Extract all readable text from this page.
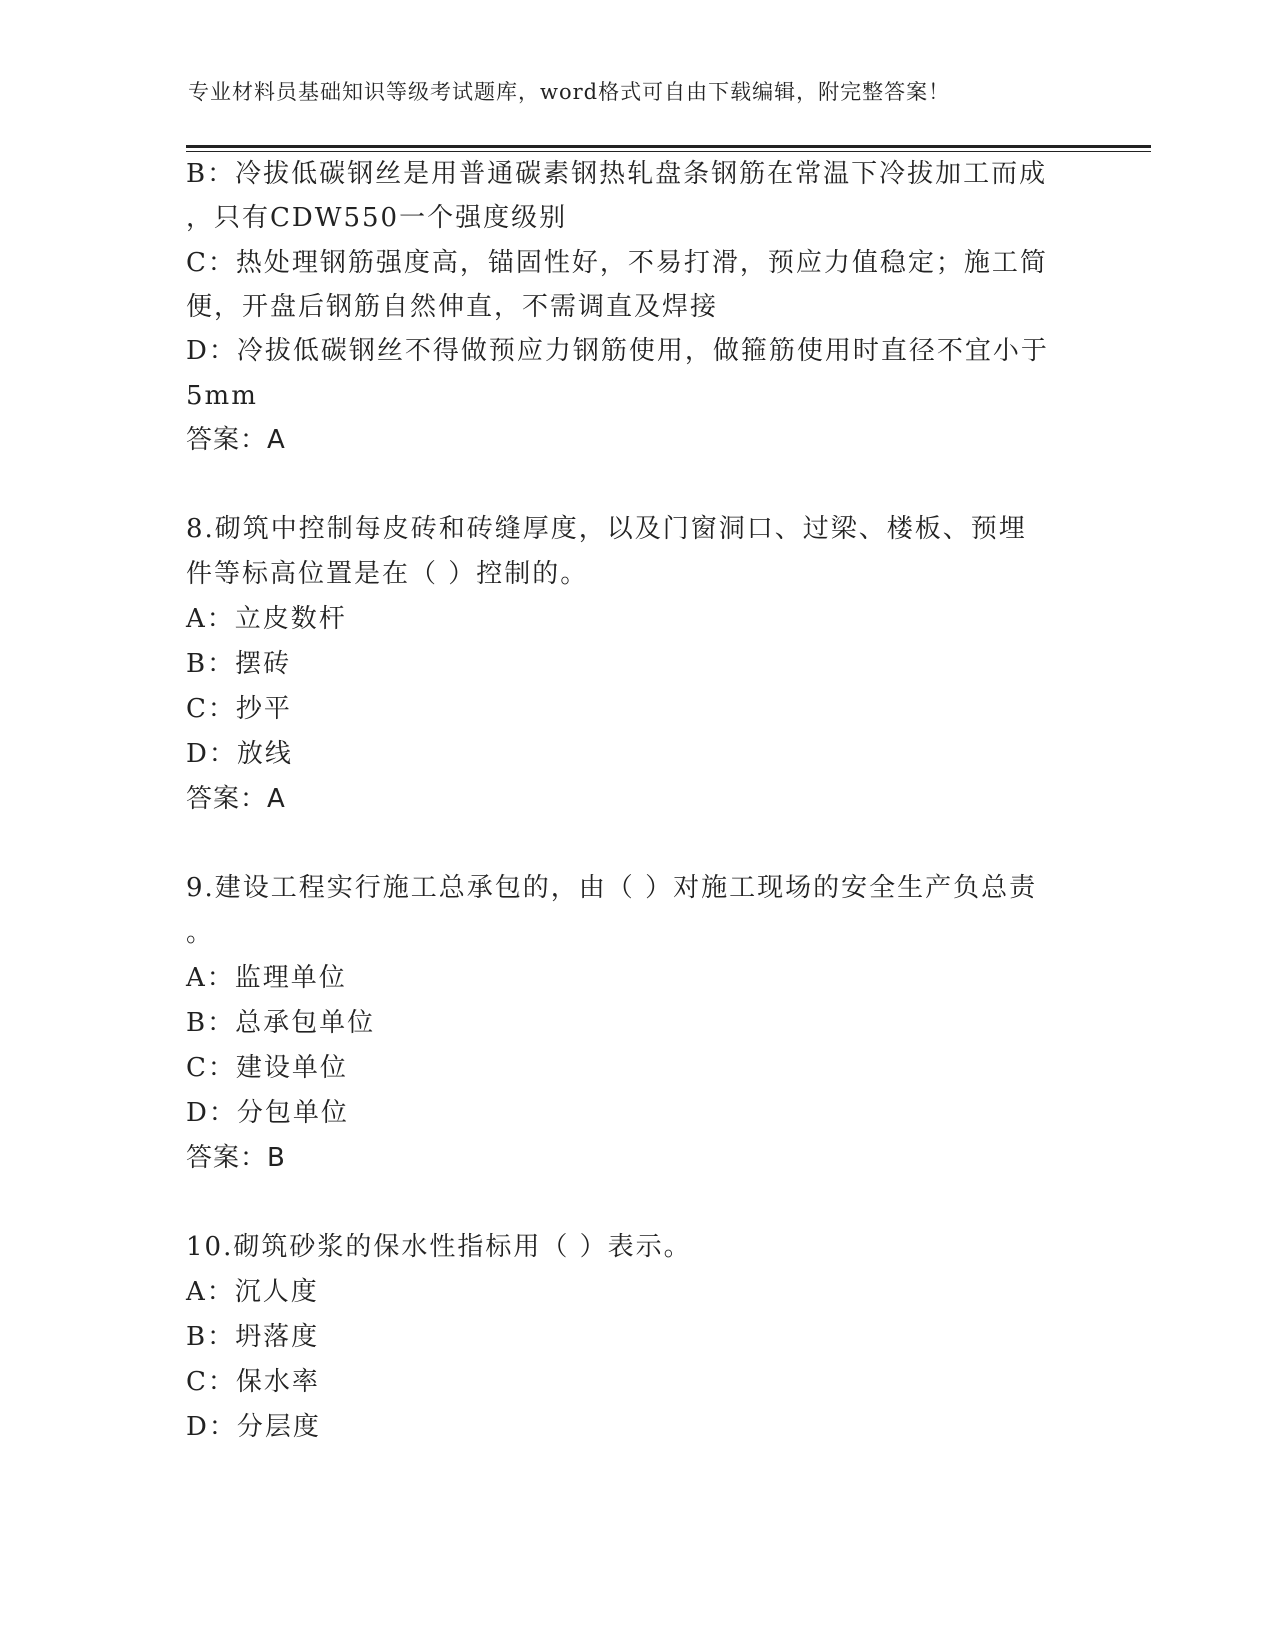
专业材料员基础知识等级考试题库，word格式可自由下载编辑，附完整答案！
B：冷拔低碳钢丝是用普通碳素钢热轧盘条钢筋在常温下冷拔加工而成
，只有CDW550一个强度级别
C：热处理钢筋强度高，锚固性好，不易打滑，预应力值稳定；施工简
便，开盘后钢筋自然伸直，不需调直及焊接
D：冷拔低碳钢丝不得做预应力钢筋使用，做箍筋使用时直径不宜小于
5mm
答案：A
8.砌筑中控制每皮砖和砖缝厚度，以及门窗洞口、过梁、楼板、预埋
件等标高位置是在（ ）控制的。
A：立皮数杆
B：摆砖
C：抄平
D：放线
答案：A
9.建设工程实行施工总承包的，由（ ）对施工现场的安全生产负总责
。
A：监理单位
B：总承包单位
C：建设单位
D：分包单位
答案：B
10.砌筑砂浆的保水性指标用（ ）表示。
A：沉人度
B：坍落度
C：保水率
D：分层度
